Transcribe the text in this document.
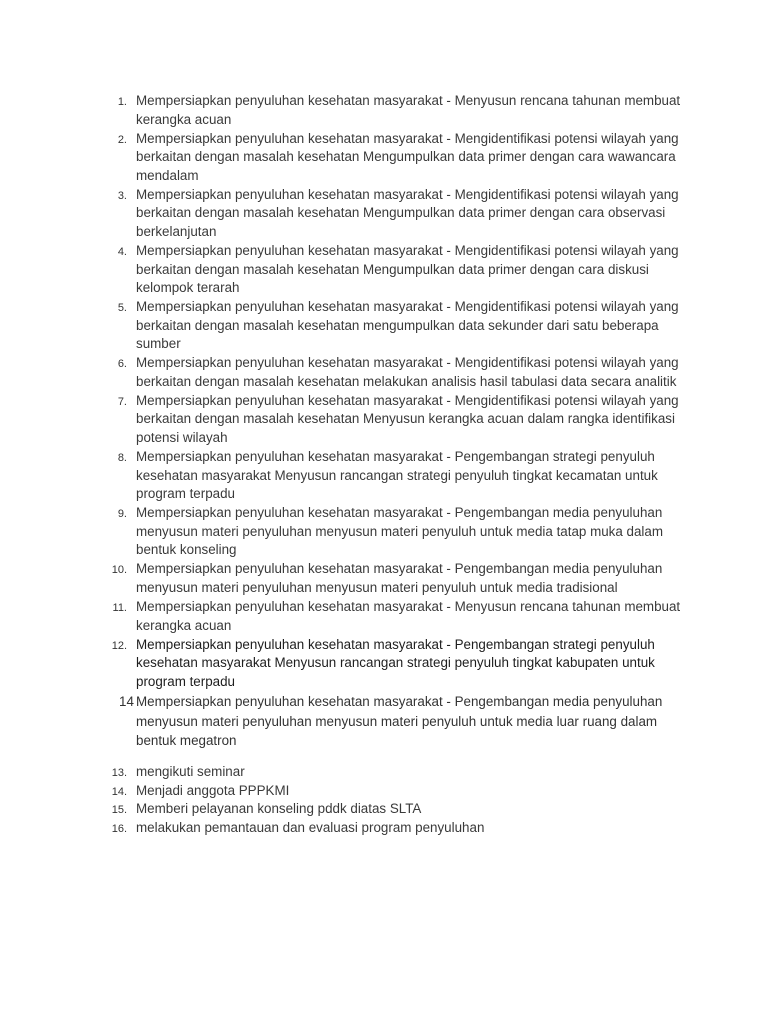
1. Mempersiapkan penyuluhan kesehatan masyarakat - Menyusun rencana tahunan membuat kerangka acuan
2. Mempersiapkan penyuluhan kesehatan masyarakat - Mengidentifikasi potensi wilayah yang berkaitan dengan masalah kesehatan Mengumpulkan data primer dengan cara wawancara mendalam
3. Mempersiapkan penyuluhan kesehatan masyarakat - Mengidentifikasi potensi wilayah yang berkaitan dengan masalah kesehatan Mengumpulkan data primer dengan cara observasi berkelanjutan
4. Mempersiapkan penyuluhan kesehatan masyarakat - Mengidentifikasi potensi wilayah yang berkaitan dengan masalah kesehatan Mengumpulkan data primer dengan cara diskusi kelompok terarah
5. Mempersiapkan penyuluhan kesehatan masyarakat - Mengidentifikasi potensi wilayah yang berkaitan dengan masalah kesehatan mengumpulkan data sekunder dari satu beberapa sumber
6. Mempersiapkan penyuluhan kesehatan masyarakat - Mengidentifikasi potensi wilayah yang berkaitan dengan masalah kesehatan melakukan analisis hasil tabulasi data secara analitik
7. Mempersiapkan penyuluhan kesehatan masyarakat - Mengidentifikasi potensi wilayah yang berkaitan dengan masalah kesehatan Menyusun kerangka acuan dalam rangka identifikasi potensi wilayah
8. Mempersiapkan penyuluhan kesehatan masyarakat - Pengembangan strategi penyuluh kesehatan masyarakat Menyusun rancangan strategi penyuluh tingkat kecamatan untuk program terpadu
9. Mempersiapkan penyuluhan kesehatan masyarakat - Pengembangan media penyuluhan menyusun materi penyuluhan menyusun materi penyuluh untuk media tatap muka dalam bentuk konseling
10. Mempersiapkan penyuluhan kesehatan masyarakat - Pengembangan media penyuluhan menyusun materi penyuluhan menyusun materi penyuluh untuk media tradisional
11. Mempersiapkan penyuluhan kesehatan masyarakat - Menyusun rencana tahunan membuat kerangka acuan
12. Mempersiapkan penyuluhan kesehatan masyarakat - Pengembangan strategi penyuluh kesehatan masyarakat Menyusun rancangan strategi penyuluh tingkat kabupaten untuk program terpadu
14 Mempersiapkan penyuluhan kesehatan masyarakat - Pengembangan media penyuluhan menyusun materi penyuluhan menyusun materi penyuluh untuk media luar ruang dalam bentuk megatron
13. mengikuti seminar
14. Menjadi anggota PPPKMI
15. Memberi pelayanan konseling pddk diatas SLTA
16. melakukan pemantauan dan evaluasi program penyuluhan
